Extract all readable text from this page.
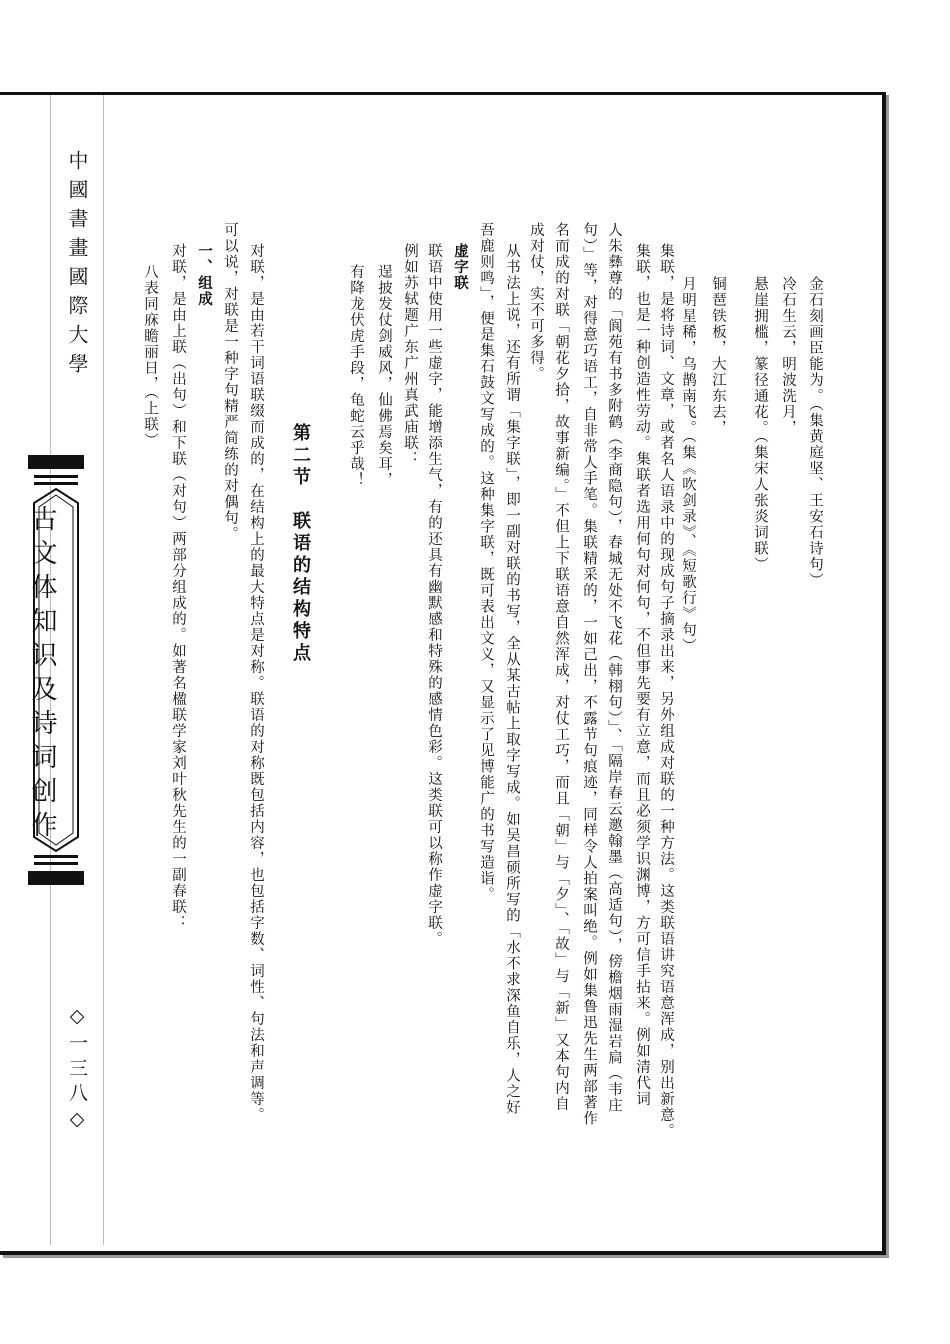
中國書畫國際大學
古文体知识及诗词创作
◇一三八◇
金石刻画臣能为。（集黄庭坚、王安石诗句）
冷石生云，明波洗月，
悬崖拥槛，篆径通花。（集宋人张炎词联）
铜琶铁板，大江东去，
月明星稀，乌鹊南飞。（集《吹剑录》、《短歌行》句）
集联，是将诗词、文章，或者名人语录中的现成句子摘录出来，另外组成对联的一种方法。这类联语讲究语意浑成，别出新意。
集联，也是一种创造性劳动。集联者选用何句对何句，不但事先要有立意，而且必须学识渊博，方可信手拈来。例如清代词
人朱彝尊的「阆苑有书多附鹤（李商隐句），春城无处不飞花（韩栩句）」、「隔岸春云邀翰墨（高适句），傍檐烟雨湿岩扃（韦庄
句）」等，对得意巧语工，自非常人手笔。集联精采的，一如己出，不露节句痕迹，同样令人拍案叫绝。例如集鲁迅先生两部著作
名而成的对联「朝花夕拾，故事新编。」不但上下联语意自然浑成，对仗工巧，而且「朝」与「夕」、「故」与「新」又本句内自
成对仗，实不可多得。
从书法上说，还有所谓「集字联」，即一副对联的书写，全从某古帖上取字写成。如吴昌硕所写的「水不求深鱼自乐，人之好
吾鹿则鸣」，便是集石鼓文写成的。这种集字联，既可表出文义，又显示了见博能广的书写造诣。
虚字联
联语中使用一些虚字，能增添生气，有的还具有幽默感和特殊的感情色彩。这类联可以称作虚字联。
例如苏轼题广东广州真武庙联：
逞披发仗剑威风，仙佛焉矣耳，
有降龙伏虎手段，龟蛇云乎哉！
第二节　联语的结构特点
对联，是由若干词语联缀而成的，在结构上的最大特点是对称。联语的对称既包括内容，也包括字数、词性、句法和声调等。
可以说，对联是一种字句精严简练的对偶句。
一、组成
对联，是由上联（出句）和下联（对句）两部分组成的。如著名楹联学家刘叶秋先生的一副春联：
八表同庥瞻丽日，（上联）
